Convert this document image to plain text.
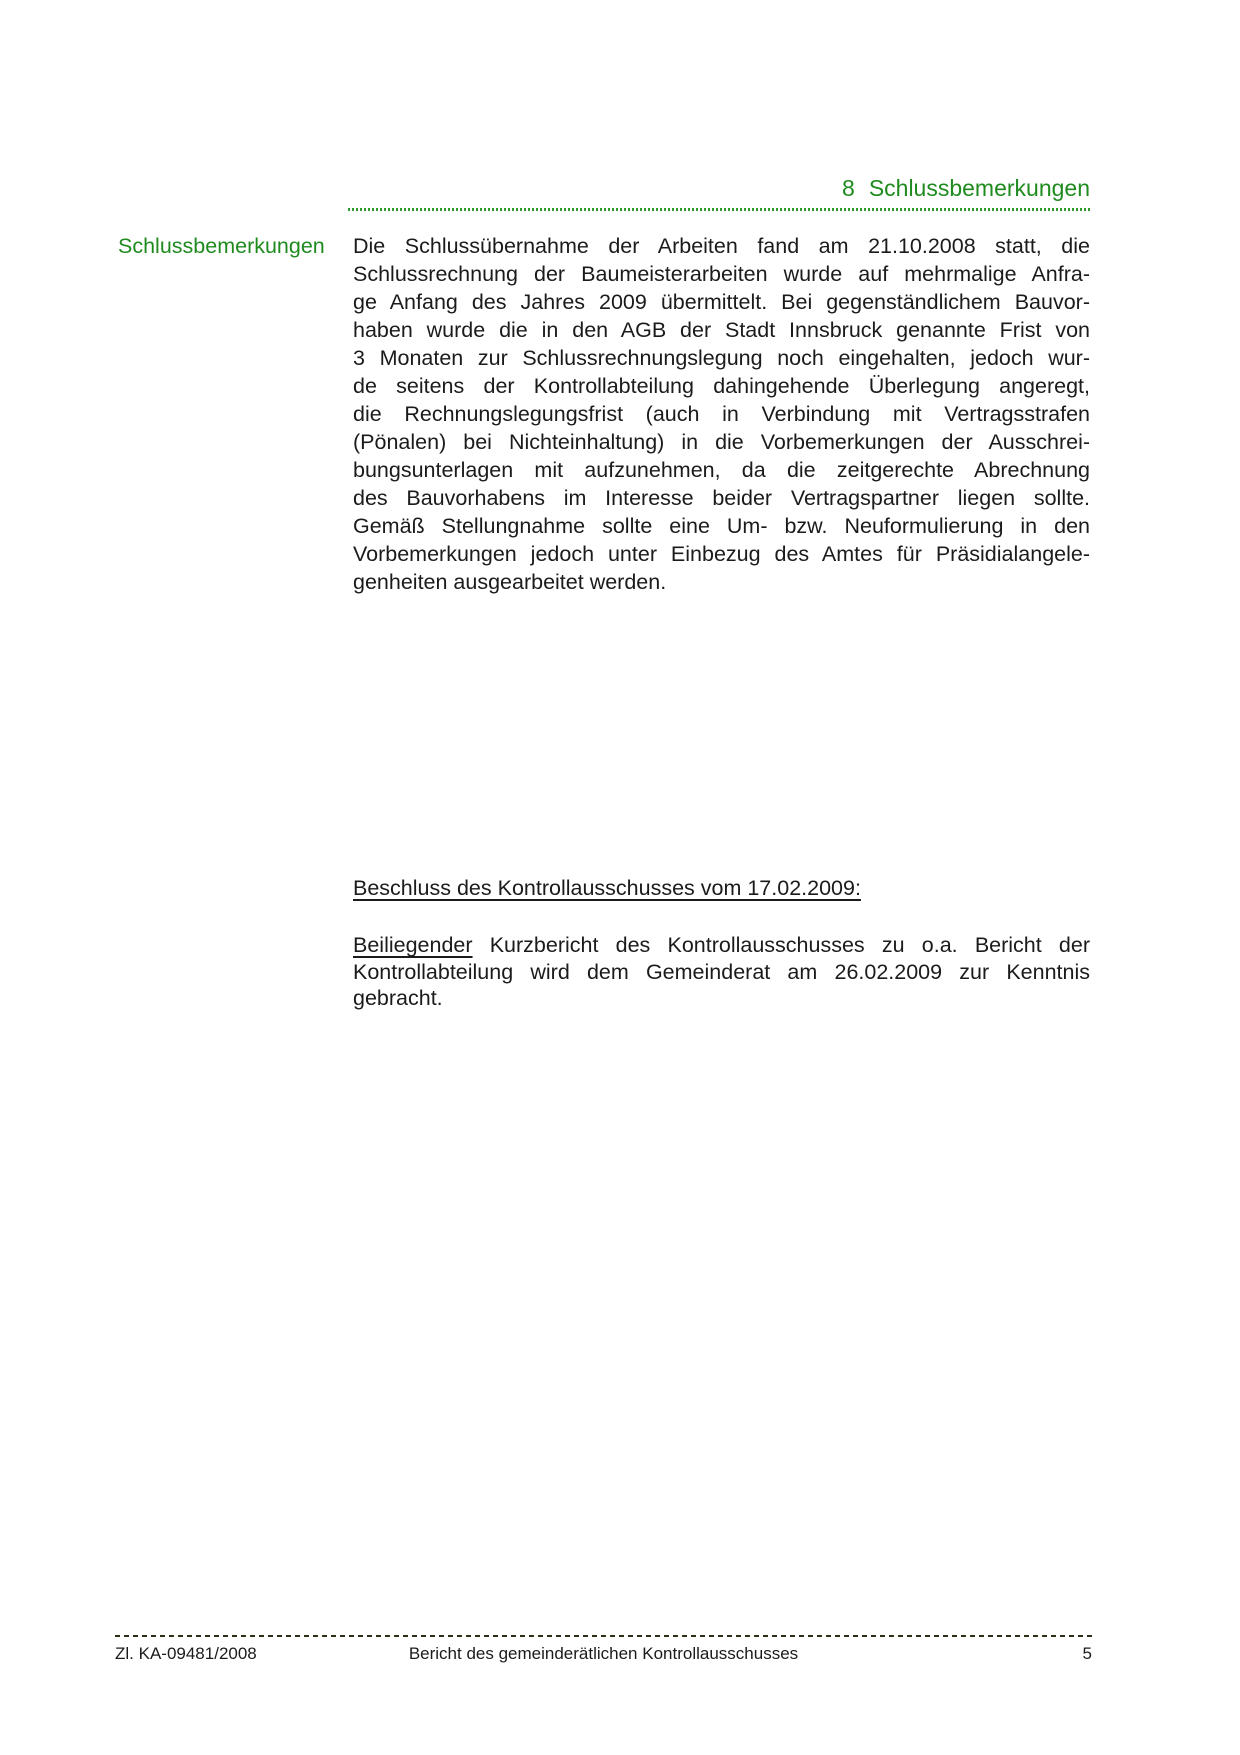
8 Schlussbemerkungen
Schlussbemerkungen Die Schlussübernahme der Arbeiten fand am 21.10.2008 statt, die
Schlussrechnung der Baumeisterarbeiten wurde auf mehrmalige Anfra-
ge Anfang des Jahres 2009 übermittelt. Bei gegenständlichem Bauvor-
haben wurde die in den AGB der Stadt Innsbruck genannte Frist von
3 Monaten zur Schlussrechnungslegung noch eingehalten, jedoch wur-
de seitens der Kontrollabteilung dahingehende Überlegung angeregt,
die Rechnungslegungsfrist (auch in Verbindung mit Vertragsstrafen
(Pönalen) bei Nichteinhaltung) in die Vorbemerkungen der Ausschrei-
bungsunterlagen mit aufzunehmen, da die zeitgerechte Abrechnung
des Bauvorhabens im Interesse beider Vertragspartner liegen sollte.
Gemäß Stellungnahme sollte eine Um- bzw. Neuformulierung in den
Vorbemerkungen jedoch unter Einbezug des Amtes für Präsidialangele-
genheiten ausgearbeitet werden.
Beschluss des Kontrollausschusses vom 17.02.2009:
Beiliegender Kurzbericht des Kontrollausschusses zu o.a. Bericht der
Kontrollabteilung wird dem Gemeinderat am 26.02.2009 zur Kenntnis
gebracht.
Zl. KA-09481/2008	Bericht des gemeinderätlichen Kontrollausschusses	5
